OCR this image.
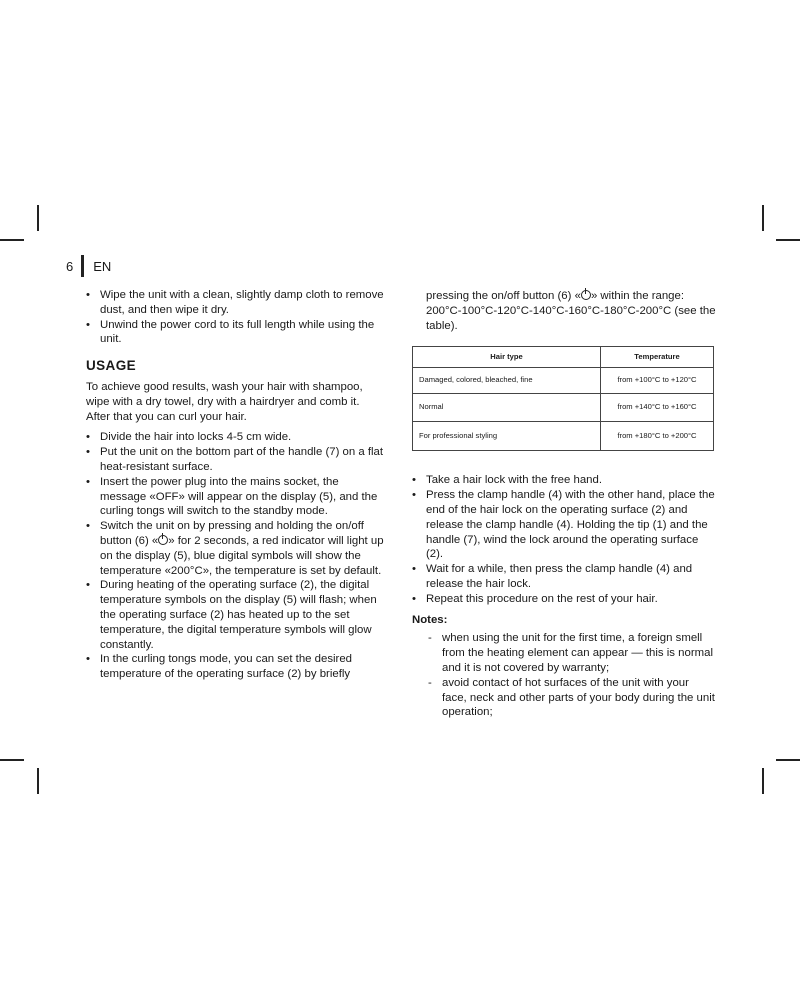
6 EN
• Wipe the unit with a clean, slightly damp cloth to remove dust, and then wipe it dry.
• Unwind the power cord to its full length while using the unit.
USAGE

To achieve good results, wash your hair with shampoo, wipe with a dry towel, dry with a hairdryer and comb it. After that you can curl your hair.

• Divide the hair into locks 4-5 cm wide.
• Put the unit on the bottom part of the handle (7) on a flat heat-resistant surface.
• Insert the power plug into the mains socket, the message «OFF» will appear on the display (5), and the curling tongs will switch to the standby mode.
• Switch the unit on by pressing and holding the on/off button (6) « » for 2 seconds, a red indicator will light up on the display (5), blue digital symbols will show the temperature «200°C», the temperature is set by default.
• During heating of the operating surface (2), the digital temperature symbols on the display (5) will flash; when the operating surface (2) has heated up to the set temperature, the digital temperature symbols will glow constantly.
• In the curling tongs mode, you can set the desired temperature of the operating surface (2) by briefly

pressing the on/off button (6) « » within the range: 200°C-100°C-120°C-140°C-160°C-180°C-200°C (see the table).

Hair type	Temperature
Damaged, colored, bleached, fine	from +100°C to +120°C
Normal	from +140°C to +160°C
For professional styling	from +180°C to +200°C
• Take a hair lock with the free hand.
• Press the clamp handle (4) with the other hand, place the end of the hair lock on the operating surface (2) and release the clamp handle (4). Holding the tip (1) and the handle (7), wind the lock around the operating surface (2).
• Wait for a while, then press the clamp handle (4) and release the hair lock.
• Repeat this procedure on the rest of your hair.
Notes:
- when using the unit for the first time, a foreign smell from the heating element can appear — this is normal and it is not covered by warranty;
- avoid contact of hot surfaces of the unit with your face, neck and other parts of your body during the unit operation;
